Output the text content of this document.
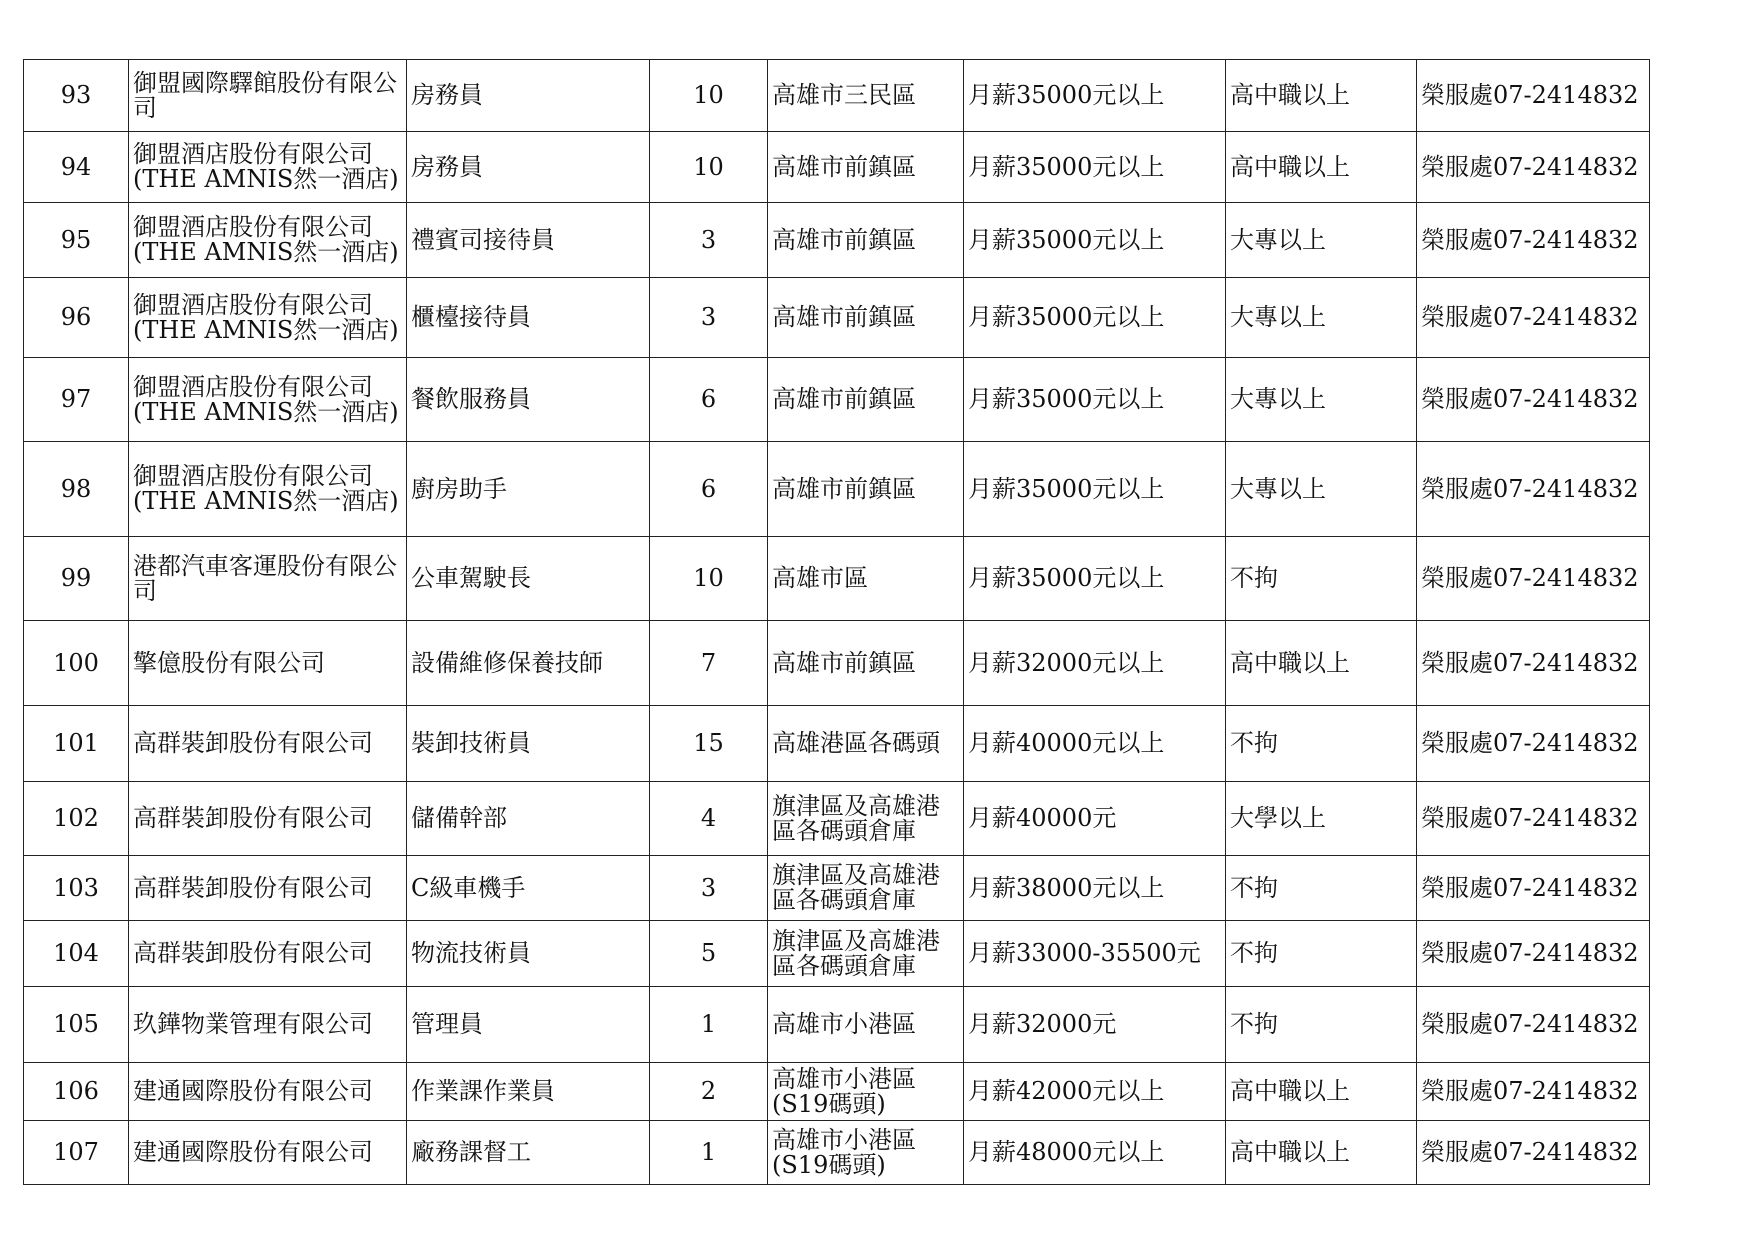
93	御盟國際驛館股份有限公司	房務員	10	高雄市三民區	月薪35000元以上	高中職以上	榮服處07-2414832
94	御盟酒店股份有限公司(THE AMNIS然一酒店)	房務員	10	高雄市前鎮區	月薪35000元以上	高中職以上	榮服處07-2414832
95	御盟酒店股份有限公司(THE AMNIS然一酒店)	禮賓司接待員	3	高雄市前鎮區	月薪35000元以上	大專以上	榮服處07-2414832
96	御盟酒店股份有限公司(THE AMNIS然一酒店)	櫃檯接待員	3	高雄市前鎮區	月薪35000元以上	大專以上	榮服處07-2414832
97	御盟酒店股份有限公司(THE AMNIS然一酒店)	餐飲服務員	6	高雄市前鎮區	月薪35000元以上	大專以上	榮服處07-2414832
98	御盟酒店股份有限公司(THE AMNIS然一酒店)	廚房助手	6	高雄市前鎮區	月薪35000元以上	大專以上	榮服處07-2414832
99	港都汽車客運股份有限公司	公車駕駛長	10	高雄市區	月薪35000元以上	不拘	榮服處07-2414832
100	擎億股份有限公司	設備維修保養技師	7	高雄市前鎮區	月薪32000元以上	高中職以上	榮服處07-2414832
101	高群裝卸股份有限公司	裝卸技術員	15	高雄港區各碼頭	月薪40000元以上	不拘	榮服處07-2414832
102	高群裝卸股份有限公司	儲備幹部	4	旗津區及高雄港區各碼頭倉庫	月薪40000元	大學以上	榮服處07-2414832
103	高群裝卸股份有限公司	C級車機手	3	旗津區及高雄港區各碼頭倉庫	月薪38000元以上	不拘	榮服處07-2414832
104	高群裝卸股份有限公司	物流技術員	5	旗津區及高雄港區各碼頭倉庫	月薪33000-35500元	不拘	榮服處07-2414832
105	玖鏵物業管理有限公司	管理員	1	高雄市小港區	月薪32000元	不拘	榮服處07-2414832
106	建通國際股份有限公司	作業課作業員	2	高雄市小港區(S19碼頭)	月薪42000元以上	高中職以上	榮服處07-2414832
107	建通國際股份有限公司	廠務課督工	1	高雄市小港區(S19碼頭)	月薪48000元以上	高中職以上	榮服處07-2414832
